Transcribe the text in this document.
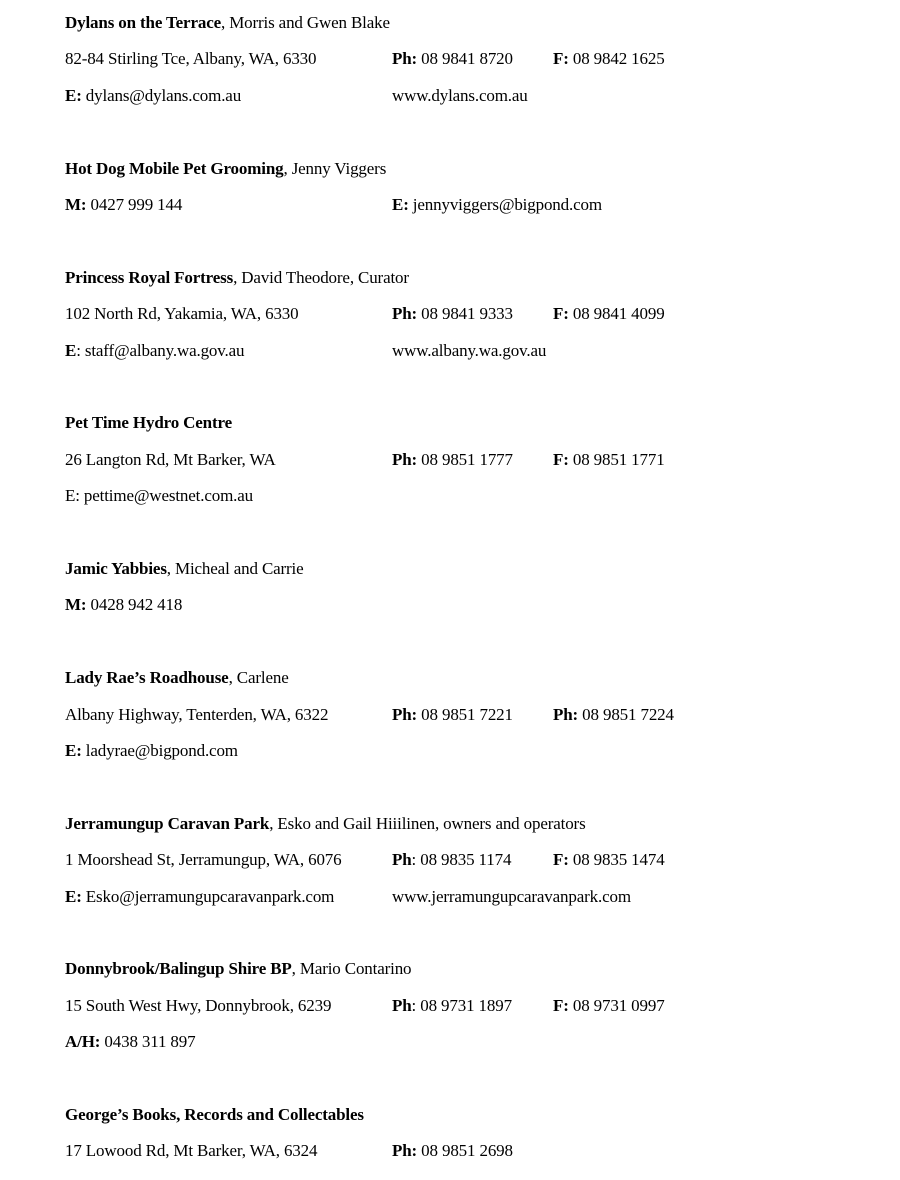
Dylans on the Terrace, Morris and Gwen Blake
82-84 Stirling Tce, Albany, WA, 6330	Ph: 08 9841 8720	F: 08 9842 1625
E: dylans@dylans.com.au	www.dylans.com.au
Hot Dog Mobile Pet Grooming, Jenny Viggers
M: 0427 999 144	E: jennyviggers@bigpond.com
Princess Royal Fortress, David Theodore, Curator
102 North Rd, Yakamia, WA, 6330	Ph: 08 9841 9333	F: 08 9841 4099
E: staff@albany.wa.gov.au	www.albany.wa.gov.au
Pet Time Hydro Centre
26 Langton Rd, Mt Barker, WA	Ph: 08 9851 1777	F: 08 9851 1771
E: pettime@westnet.com.au
Jamic Yabbies, Micheal and Carrie
M: 0428 942 418
Lady Rae’s Roadhouse, Carlene
Albany Highway, Tenterden, WA, 6322	Ph: 08 9851 7221	Ph: 08 9851 7224
E: ladyrae@bigpond.com
Jerramungup Caravan Park, Esko and Gail Hiiilinen, owners and operators
1 Moorshead St, Jerramungup, WA, 6076	Ph: 08 9835 1174	F: 08 9835 1474
E: Esko@jerramungupcaravanpark.com	www.jerramungupcaravanpark.com
Donnybrook/Balingup Shire BP, Mario Contarino
15 South West Hwy, Donnybrook, 6239	Ph: 08 9731 1897	F: 08 9731 0997
A/H: 0438 311 897
George’s Books, Records and Collectables
17 Lowood Rd, Mt Barker, WA, 6324	Ph: 08 9851 2698
